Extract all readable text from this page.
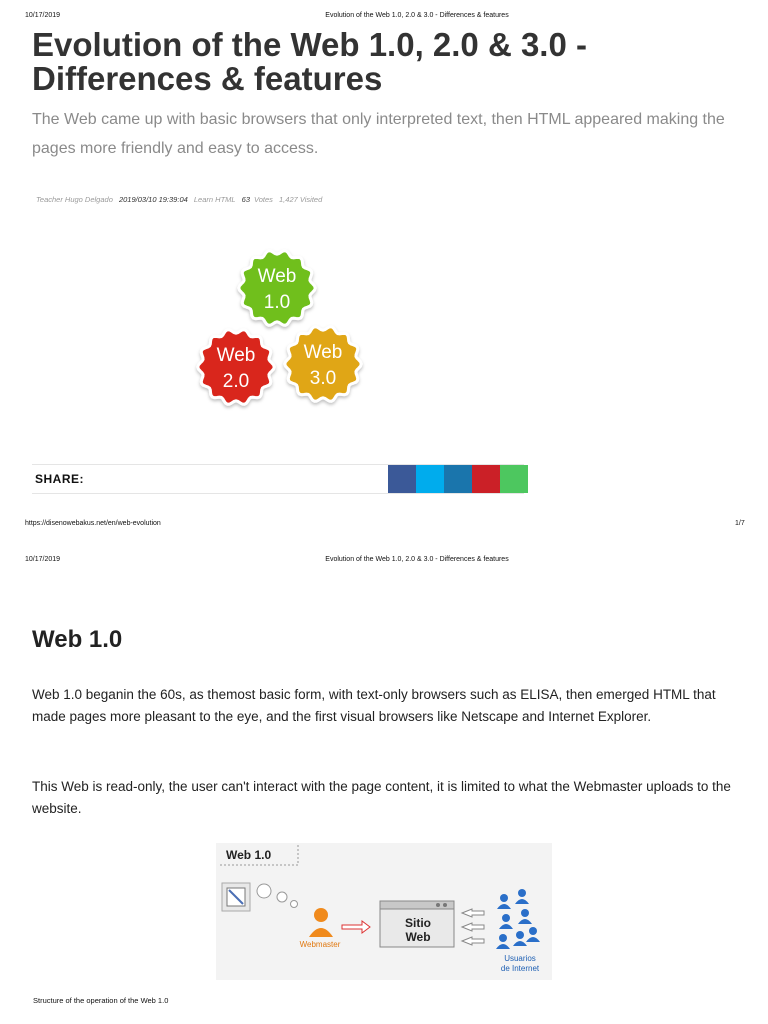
10/17/2019	Evolution of the Web 1.0, 2.0 & 3.0 - Differences & features
Evolution of the Web 1.0, 2.0 & 3.0 - Differences & features
The Web came up with basic browsers that only interpreted text, then HTML appeared making the pages more friendly and easy to access.
Teacher Hugo Delgado 2019/03/10 19:39:04 Learn HTML 63 Votes 1,427 Visited
Web
1.0
Web
2.0
Web
3.0
SHARE:
https://disenowebakus.net/en/web-evolution	1/7
10/17/2019	Evolution of the Web 1.0, 2.0 & 3.0 - Differences & features
Web 1.0
Web 1.0 beganin the 60s, as themost basic form, with text-only browsers such as ELISA, then emerged HTML that made pages more pleasant to the eye, and the first visual browsers like Netscape and Internet Explorer.
This Web is read-only, the user can't interact with the page content, it is limited to what the Webmaster uploads to the website.
Web 1.0
Webmaster
Sitio
Web
Usuarios
de Internet
Structure of the operation of the Web 1.0
